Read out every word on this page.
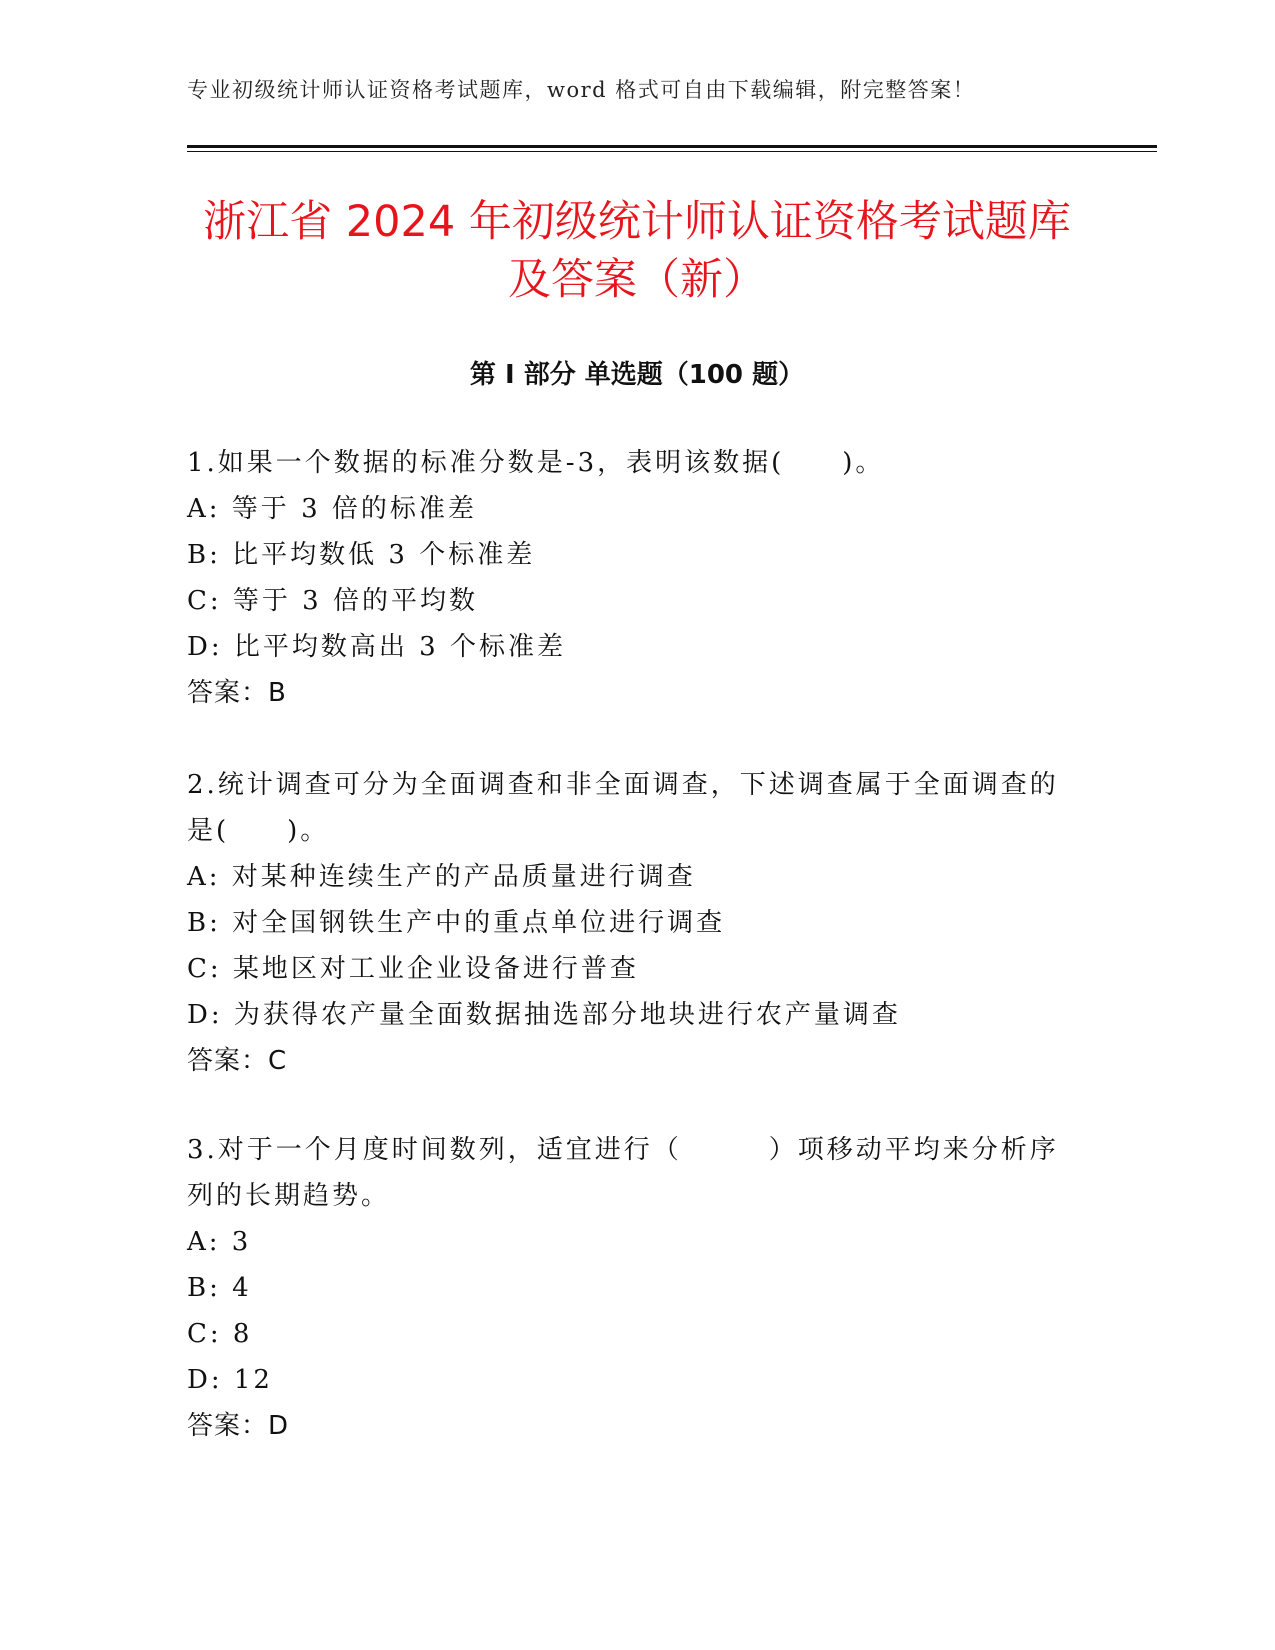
专业初级统计师认证资格考试题库，word 格式可自由下载编辑，附完整答案！
浙江省 2024 年初级统计师认证资格考试题库
及答案（新）
第 I 部分 单选题（100 题）
1.如果一个数据的标准分数是-3，表明该数据(　　)。
A: 等于 3 倍的标准差
B: 比平均数低 3 个标准差
C: 等于 3 倍的平均数
D: 比平均数高出 3 个标准差
答案：B
2.统计调查可分为全面调查和非全面调查，下述调查属于全面调查的
是(　　)。
A: 对某种连续生产的产品质量进行调查
B: 对全国钢铁生产中的重点单位进行调查
C: 某地区对工业企业设备进行普查
D: 为获得农产量全面数据抽选部分地块进行农产量调查
答案：C
3.对于一个月度时间数列，适宜进行（　　　）项移动平均来分析序
列的长期趋势。
A: 3
B: 4
C: 8
D: 12
答案：D
